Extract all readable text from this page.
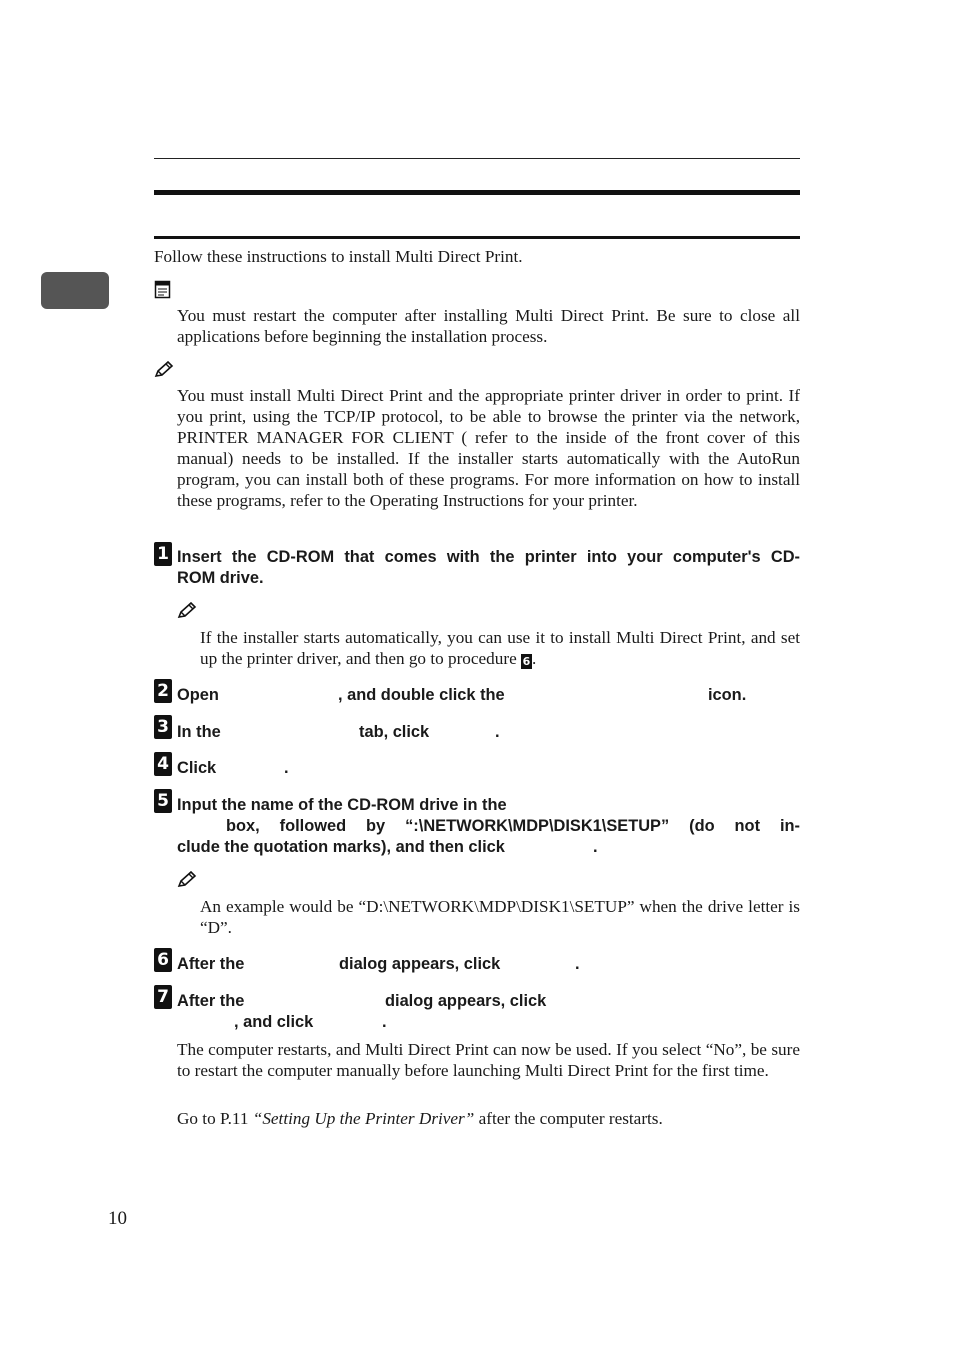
Follow these instructions to install Multi Direct Print.
You must restart the computer after installing Multi Direct Print. Be sure to close all applications before beginning the installation process.
You must install Multi Direct Print and the appropriate printer driver in order to print. If you print, using the TCP/IP protocol, to be able to browse the printer via the network, PRINTER MANAGER FOR CLIENT ( refer to the inside of the front cover of this manual) needs to be installed. If the installer starts automatically with the AutoRun program, you can install both of these programs. For more information on how to install these programs, refer to the Operating Instructions for your printer.
1 Insert the CD-ROM that comes with the printer into your computer's CD-
ROM drive.
If the installer starts automatically, you can use it to install Multi Direct Print, and set up the printer driver, and then go to procedure 6.
2 Open	, and double click the	icon.
3 In the	tab, click	.
4 Click	.
5 Input the name of the CD-ROM drive in the
box, followed by “:\NETWORK\MDP\DISK1\SETUP” (do not in-
clude the quotation marks), and then click	.
An example would be “D:\NETWORK\MDP\DISK1\SETUP” when the drive letter is “D”.
6 After the	dialog appears, click	.
7 After the	dialog appears, click
, and click	.
The computer restarts, and Multi Direct Print can now be used. If you select “No”, be sure to restart the computer manually before launching Multi Direct Print for the first time.
Go to P.11 “Setting Up the Printer Driver” after the computer restarts.
10
